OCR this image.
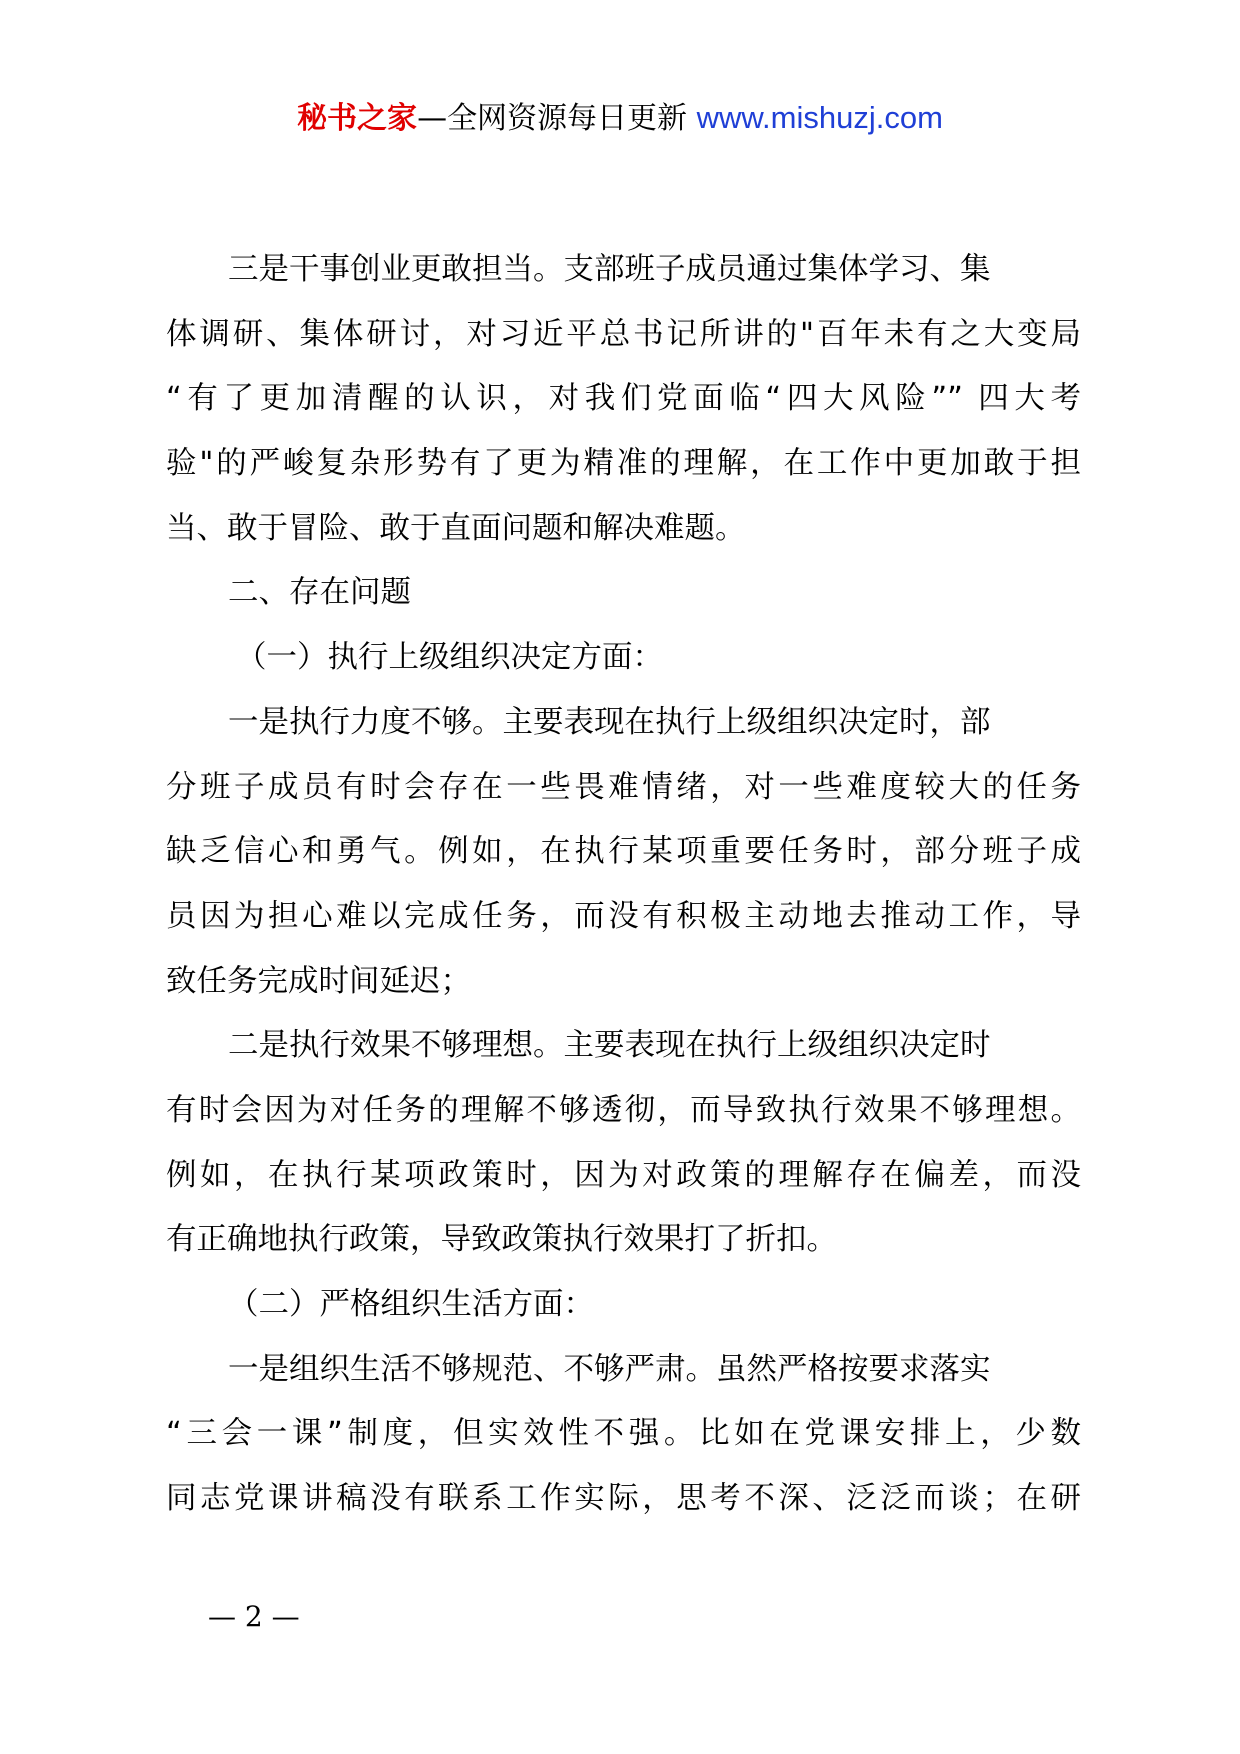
秘书之家—全网资源每日更新 www.mishuzj.com
三是干事创业更敢担当。支部班子成员通过集体学习、集
体调研、集体研讨，对习近平总书记所讲的"百年未有之大变局
“有了更加清醒的认识，对我们党面临“四大风险”” 四大考
验"的严峻复杂形势有了更为精准的理解，在工作中更加敢于担
当、敢于冒险、敢于直面问题和解决难题。
二、存在问题
（一）执行上级组织决定方面：
一是执行力度不够。主要表现在执行上级组织决定时，部
分班子成员有时会存在一些畏难情绪，对一些难度较大的任务
缺乏信心和勇气。例如，在执行某项重要任务时，部分班子成
员因为担心难以完成任务，而没有积极主动地去推动工作，导
致任务完成时间延迟；
二是执行效果不够理想。主要表现在执行上级组织决定时
有时会因为对任务的理解不够透彻，而导致执行效果不够理想。
例如，在执行某项政策时，因为对政策的理解存在偏差，而没
有正确地执行政策，导致政策执行效果打了折扣。
（二）严格组织生活方面：
一是组织生活不够规范、不够严肃。虽然严格按要求落实
“三会一课”制度，但实效性不强。比如在党课安排上，少数
同志党课讲稿没有联系工作实际，思考不深、泛泛而谈；在研
— 2 —
